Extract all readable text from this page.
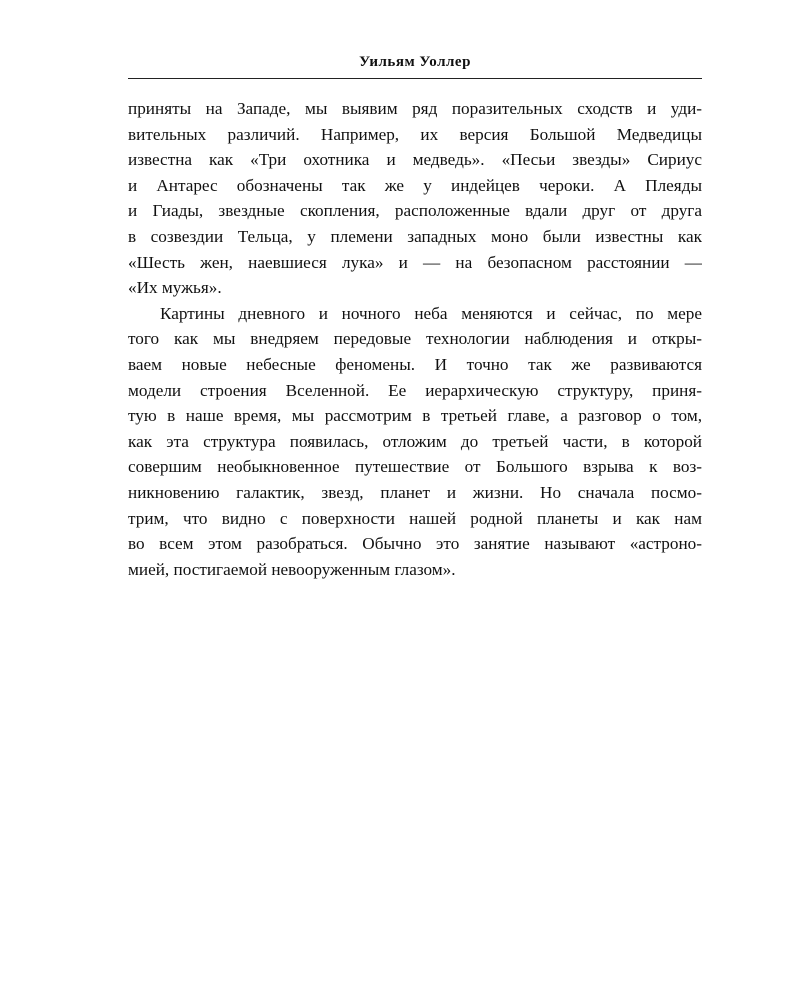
Уильям Уоллер
приняты на Западе, мы выявим ряд поразительных сходств и уди-
вительных различий. Например, их версия Большой Медведицы
известна как «Три охотника и медведь». «Песьи звезды» Сириус
и Антарес обозначены так же у индейцев чероки. А Плеяды
и Гиады, звездные скопления, расположенные вдали друг от друга
в созвездии Тельца, у племени западных моно были известны как
«Шесть жен, наевшиеся лука» и — на безопасном расстоянии —
«Их мужья».
Картины дневного и ночного неба меняются и сейчас, по мере
того как мы внедряем передовые технологии наблюдения и откры-
ваем новые небесные феномены. И точно так же развиваются
модели строения Вселенной. Ее иерархическую структуру, приня-
тую в наше время, мы рассмотрим в третьей главе, а разговор о том,
как эта структура появилась, отложим до третьей части, в которой
совершим необыкновенное путешествие от Большого взрыва к воз-
никновению галактик, звезд, планет и жизни. Но сначала посмо-
трим, что видно с поверхности нашей родной планеты и как нам
во всем этом разобраться. Обычно это занятие называют «астроно-
мией, постигаемой невооруженным глазом».
